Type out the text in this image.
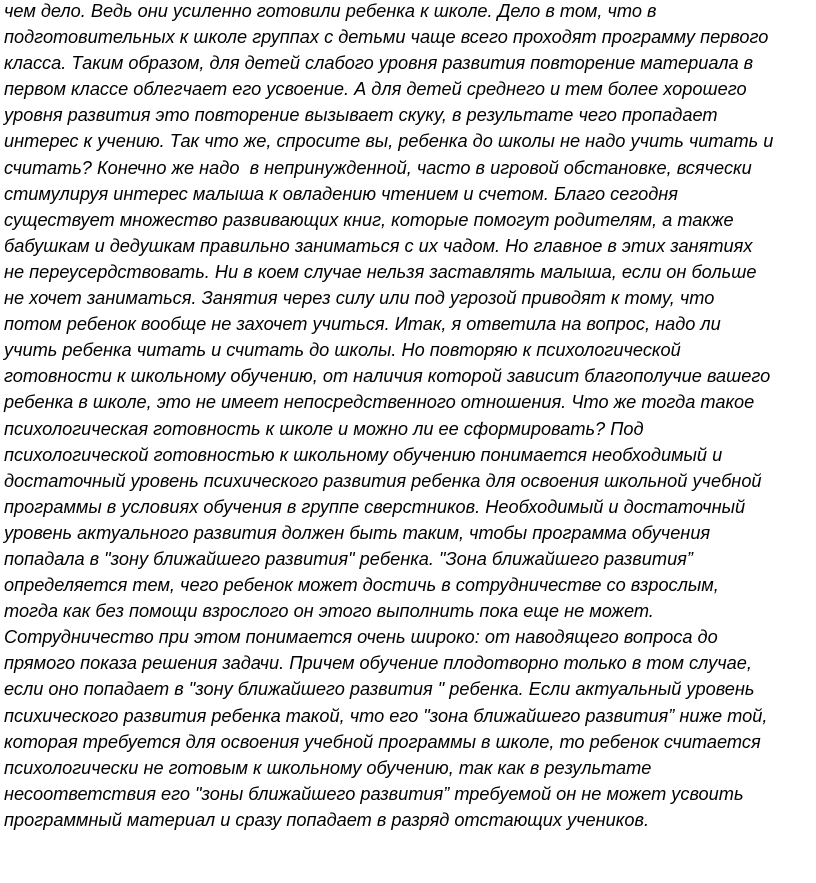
чем дело. Ведь они усиленно готовили ребенка к школе. Дело в том, что в
подготовительных к школе группах с детьми чаще всего проходят программу первого
класса. Таким образом, для детей слабого уровня развития повторение материала в
первом классе облегчает его усвоение. А для детей среднего и тем более хорошего
уровня развития это повторение вызывает скуку, в результате чего пропадает
интерес к учению. Так что же, спросите вы, ребенка до школы не надо учить читать и
считать? Конечно же надо  в непринужденной, часто в игровой обстановке, всячески
стимулируя интерес малыша к овладению чтением и счетом. Благо сегодня
существует множество развивающих книг, которые помогут родителям, а также
бабушкам и дедушкам правильно заниматься с их чадом. Но главное в этих занятиях
не переусердствовать. Ни в коем случае нельзя заставлять малыша, если он больше
не хочет заниматься. Занятия через силу или под угрозой приводят к тому, что
потом ребенок вообще не захочет учиться. Итак, я ответила на вопрос, надо ли
учить ребенка читать и считать до школы. Но повторяю к психологической
готовности к школьному обучению, от наличия которой зависит благополучие вашего
ребенка в школе, это не имеет непосредственного отношения. Что же тогда такое
психологическая готовность к школе и можно ли ее сформировать? Под
психологической готовностью к школьному обучению понимается необходимый и
достаточный уровень психического развития ребенка для освоения школьной учебной
программы в условиях обучения в группе сверстников. Необходимый и достаточный
уровень актуального развития должен быть таким, чтобы программа обучения
попадала в "зону ближайшего развития" ребенка. "Зона ближайшего развития”
определяется тем, чего ребенок может достичь в сотрудничестве со взрослым,
тогда как без помощи взрослого он этого выполнить пока еще не может.
Сотрудничество при этом понимается очень широко: от наводящего вопроса до
прямого показа решения задачи. Причем обучение плодотворно только в том случае,
если оно попадает в "зону ближайшего развития " ребенка. Если актуальный уровень
психического развития ребенка такой, что его "зона ближайшего развития” ниже той,
которая требуется для освоения учебной программы в школе, то ребенок считается
психологически не готовым к школьному обучению, так как в результате
несоответствия его "зоны ближайшего развития” требуемой он не может усвоить
программный материал и сразу попадает в разряд отстающих учеников.
